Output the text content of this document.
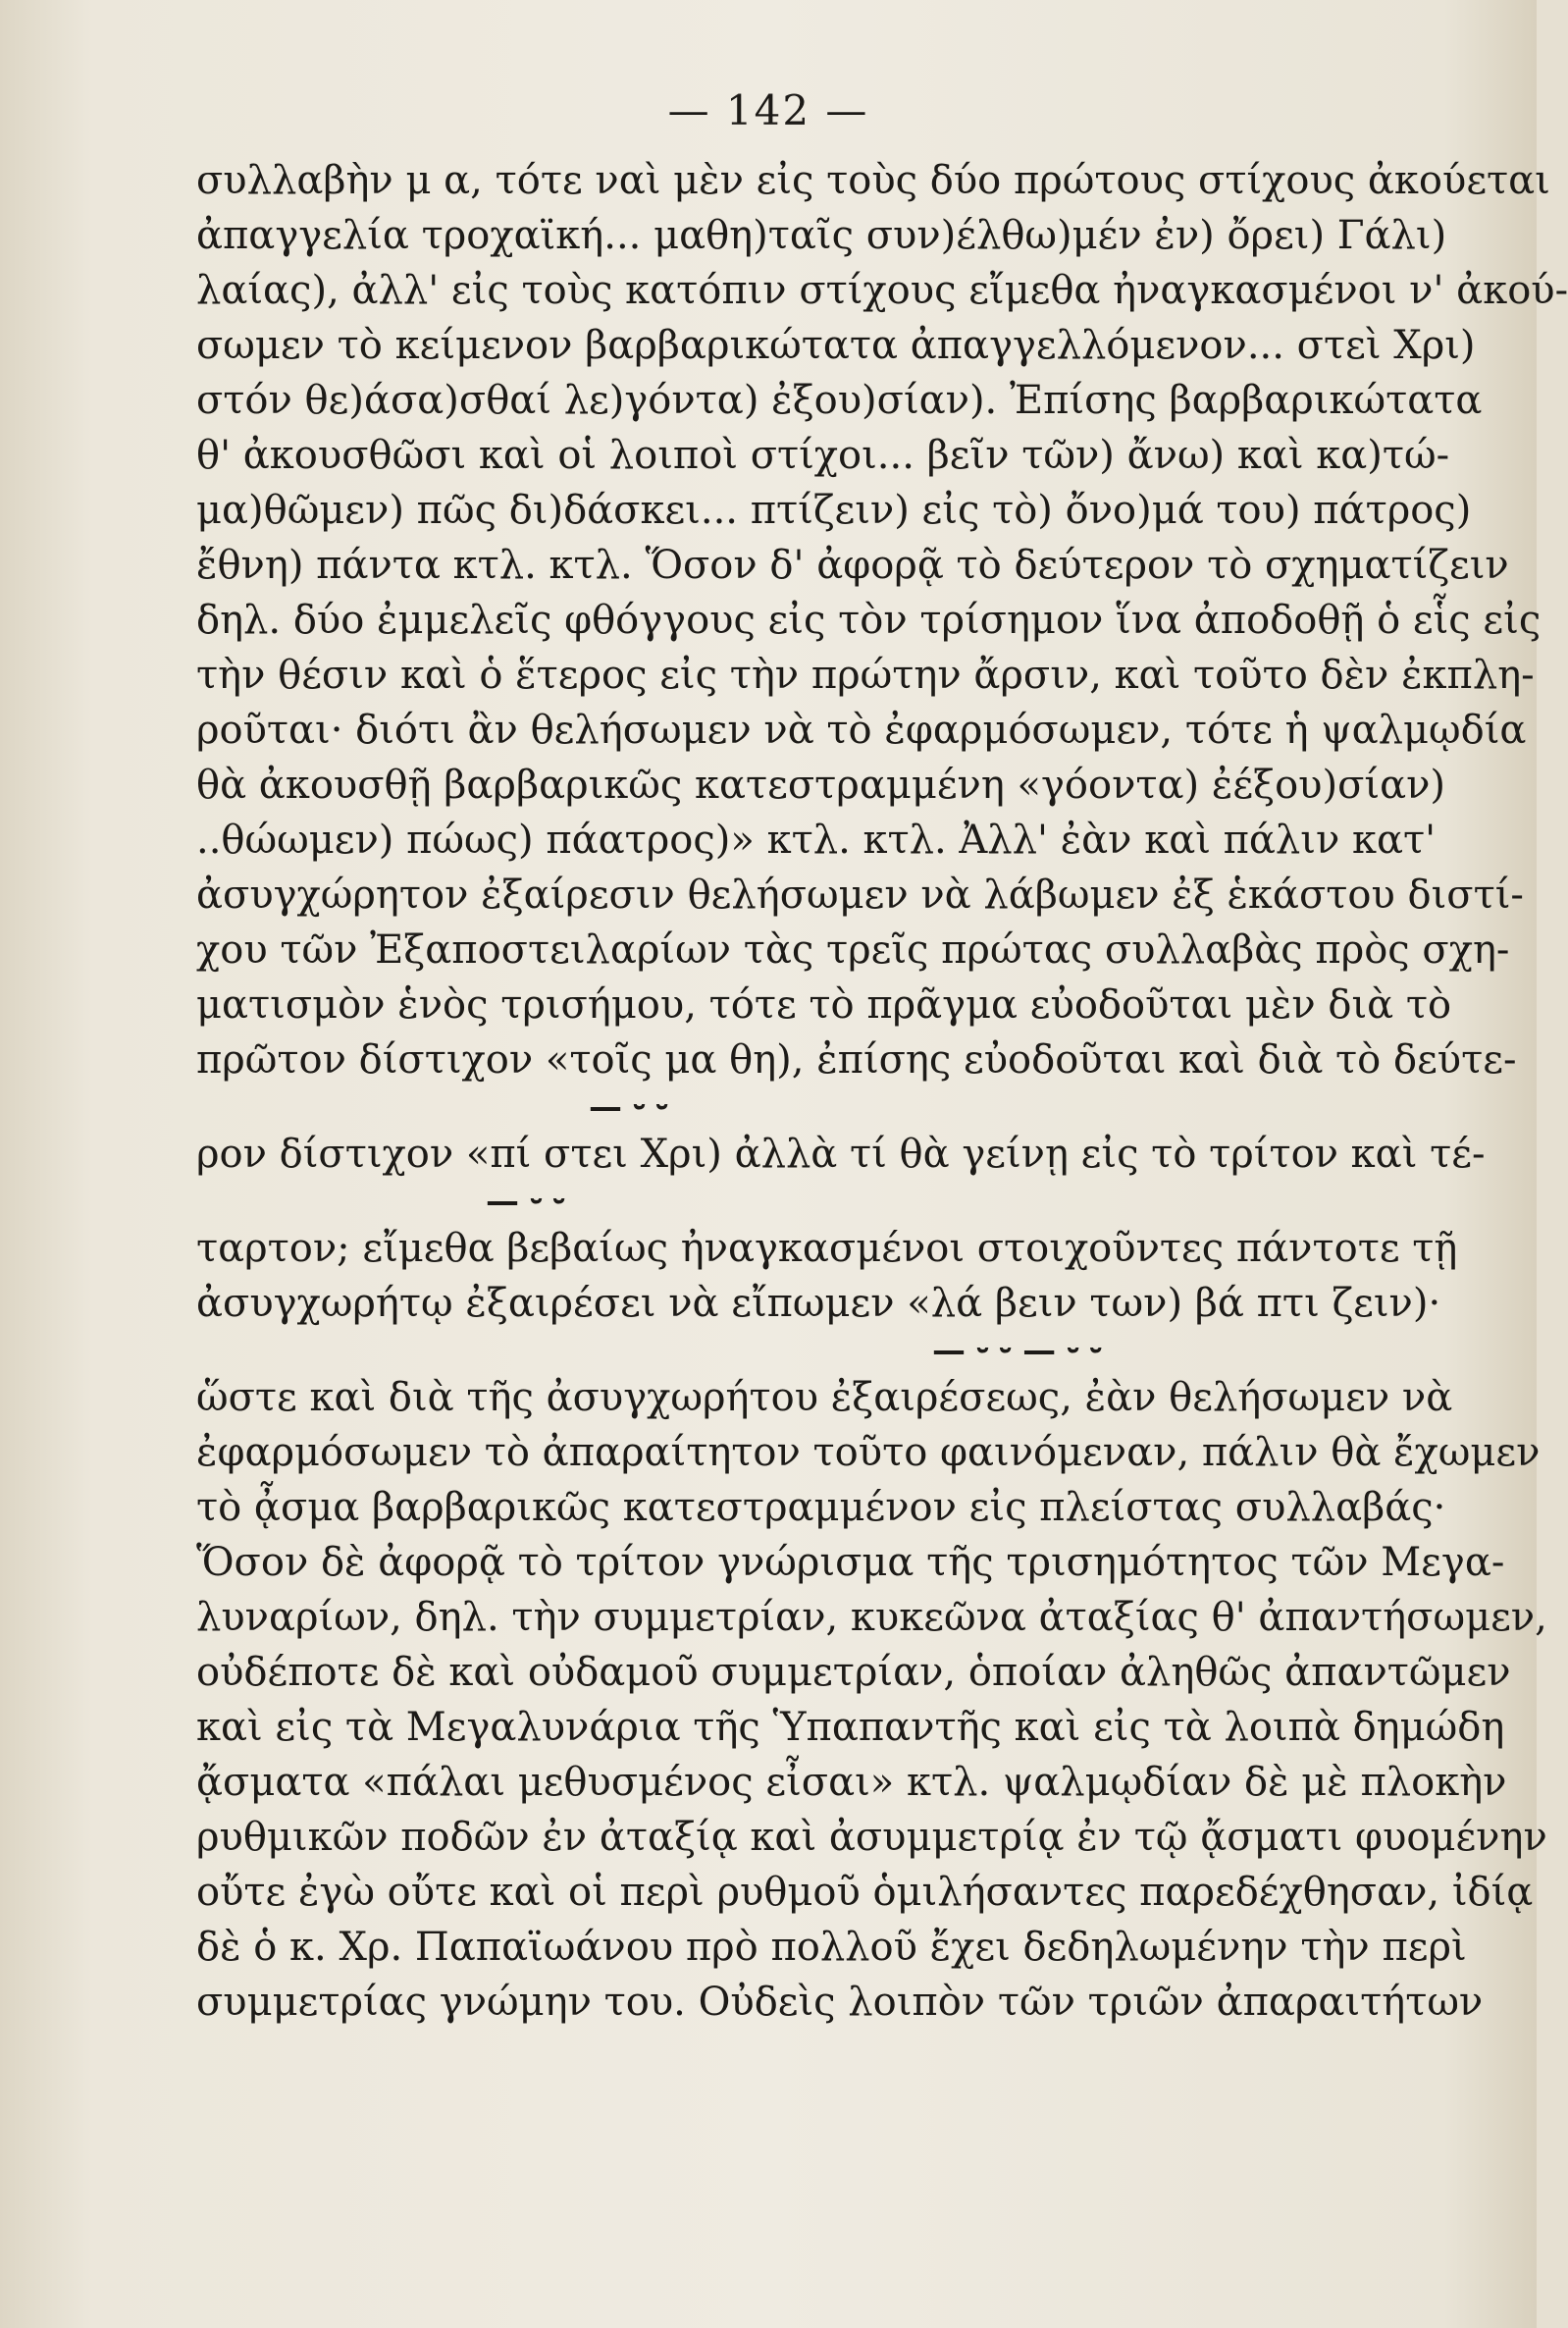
— 142 —
συλλαβὴν μ α, τότε ναὶ μὲν εἰς τοὺς δύο πρώτους στίχους ἀκούεται
ἀπαγγελία τροχαϊκή... μαθη)ταῖς συν)έλθω)μέν ἐν) ὄρει) Γάλι)
λαίας), ἀλλ' εἰς τοὺς κατόπιν στίχους εἴμεθα ἠναγκασμένοι ν' ἀκού-
σωμεν τὸ κείμενον βαρβαρικώτατα ἀπαγγελλόμενον... στεὶ Χρι)
στόν θε)άσα)σθαί λε)γόντα) ἐξου)σίαν). Ἐπίσης βαρβαρικώτατα
θ' ἀκουσθῶσι καὶ οἱ λοιποὶ στίχοι... βεῖν τῶν) ἄνω) καὶ κα)τώ-
μα)θῶμεν) πῶς δι)δάσκει... πτίζειν) εἰς τὸ) ὄνο)μά του) πάτρος)
ἔθνη) πάντα κτλ. κτλ. Ὅσον δ' ἀφορᾷ τὸ δεύτερον τὸ σχηματίζειν
δηλ. δύο ἐμμελεῖς φθόγγους εἰς τὸν τρίσημον ἵνα ἀποδοθῇ ὁ εἷς εἰς
τὴν θέσιν καὶ ὁ ἕτερος εἰς τὴν πρώτην ἄρσιν, καὶ τοῦτο δὲν ἐκπλη-
ροῦται· διότι ἂν θελήσωμεν νὰ τὸ ἐφαρμόσωμεν, τότε ἡ ψαλμῳδία
θὰ ἀκουσθῇ βαρβαρικῶς κατεστραμμένη «γόοντα) ἐέξου)σίαν)
..θώωμεν) πώως) πάατρος)» κτλ. κτλ. Ἀλλ' ἐὰν καὶ πάλιν κατ'
ἀσυγχώρητον ἐξαίρεσιν θελήσωμεν νὰ λάβωμεν ἐξ ἑκάστου διστί-
χου τῶν Ἐξαποστειλαρίων τὰς τρεῖς πρώτας συλλαβὰς πρὸς σχη-
ματισμὸν ἑνὸς τρισήμου, τότε τὸ πρᾶγμα εὐοδοῦται μὲν διὰ τὸ
πρῶτον δίστιχον «τοῖς μα θη), ἐπίσης εὐοδοῦται καὶ διὰ τὸ δεύτε-
— ⏑ ⏑
ρον δίστιχον «πί στει Χρι) ἀλλὰ τί θὰ γείνῃ εἰς τὸ τρίτον καὶ τέ-
— ⏑ ⏑
ταρτον; εἴμεθα βεβαίως ἠναγκασμένοι στοιχοῦντες πάντοτε τῇ
ἀσυγχωρήτῳ ἐξαιρέσει νὰ εἴπωμεν «λά βειν των) βά πτι ζειν)·
— ⏑ ⏑ — ⏑ ⏑
ὥστε καὶ διὰ τῆς ἀσυγχωρήτου ἐξαιρέσεως, ἐὰν θελήσωμεν νὰ
ἐφαρμόσωμεν τὸ ἀπαραίτητον τοῦτο φαινόμεναν, πάλιν θὰ ἔχωμεν
τὸ ᾆσμα βαρβαρικῶς κατεστραμμένον εἰς πλείστας συλλαβάς·
Ὅσον δὲ ἀφορᾷ τὸ τρίτον γνώρισμα τῆς τρισημότητος τῶν Μεγα-
λυναρίων, δηλ. τὴν συμμετρίαν, κυκεῶνα ἀταξίας θ' ἀπαντήσωμεν,
οὐδέποτε δὲ καὶ οὐδαμοῦ συμμετρίαν, ὁποίαν ἀληθῶς ἀπαντῶμεν
καὶ εἰς τὰ Μεγαλυνάρια τῆς Ὑπαπαντῆς καὶ εἰς τὰ λοιπὰ δημώδη
ᾄσματα «πάλαι μεθυσμένος εἶσαι» κτλ. ψαλμῳδίαν δὲ μὲ πλοκὴν
ρυθμικῶν ποδῶν ἐν ἀταξίᾳ καὶ ἀσυμμετρίᾳ ἐν τῷ ᾄσματι φυομένην
οὔτε ἐγὼ οὔτε καὶ οἱ περὶ ρυθμοῦ ὁμιλήσαντες παρεδέχθησαν, ἰδίᾳ
δὲ ὁ κ. Χρ. Παπαϊωάνου πρὸ πολλοῦ ἔχει δεδηλωμένην τὴν περὶ
συμμετρίας γνώμην του. Οὐδεὶς λοιπὸν τῶν τριῶν ἀπαραιτήτων
